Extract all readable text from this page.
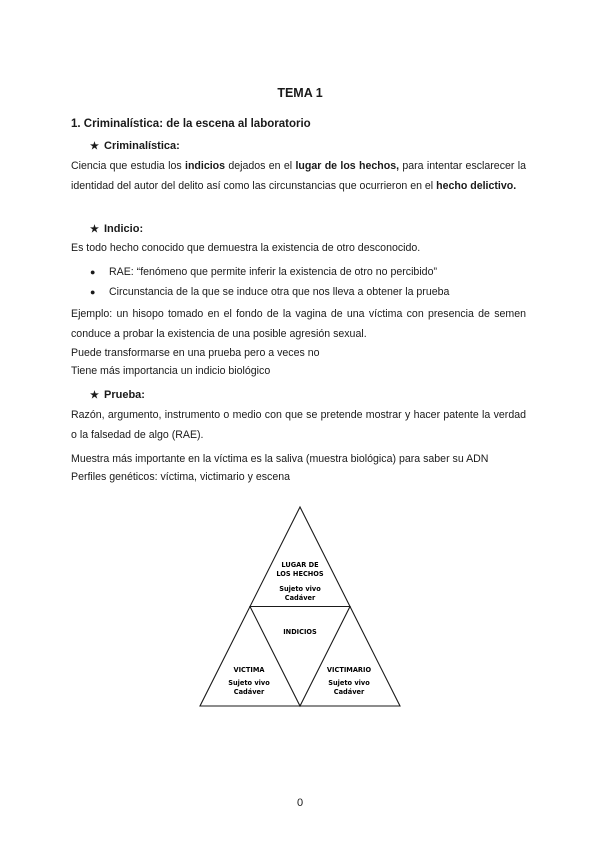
TEMA 1
1. Criminalística: de la escena al laboratorio
★ Criminalística:
Ciencia que estudia los indicios dejados en el lugar de los hechos, para intentar esclarecer la identidad del autor del delito así como las circunstancias que ocurrieron en el hecho delictivo.
★ Indicio:
Es todo hecho conocido que demuestra la existencia de otro desconocido.
● RAE: “fenómeno que permite inferir la existencia de otro no percibido”
● Circunstancia de la que se induce otra que nos lleva a obtener la prueba
Ejemplo: un hisopo tomado en el fondo de la vagina de una víctima con presencia de semen conduce a probar la existencia de una posible agresión sexual.
Puede transformarse en una prueba pero a veces no
Tiene más importancia un indicio biológico
★ Prueba:
Razón, argumento, instrumento o medio con que se pretende mostrar y hacer patente la verdad o la falsedad de algo (RAE).
Muestra más importante en la víctima es la saliva (muestra biológica) para saber su ADN
Perfiles genéticos: víctima, victimario y escena
LUGAR DE
LOS HECHOS
Sujeto vivo
Cadáver
INDICIOS
VICTIMA
Sujeto vivo
Cadáver
VICTIMARIO
Sujeto vivo
Cadáver
0
